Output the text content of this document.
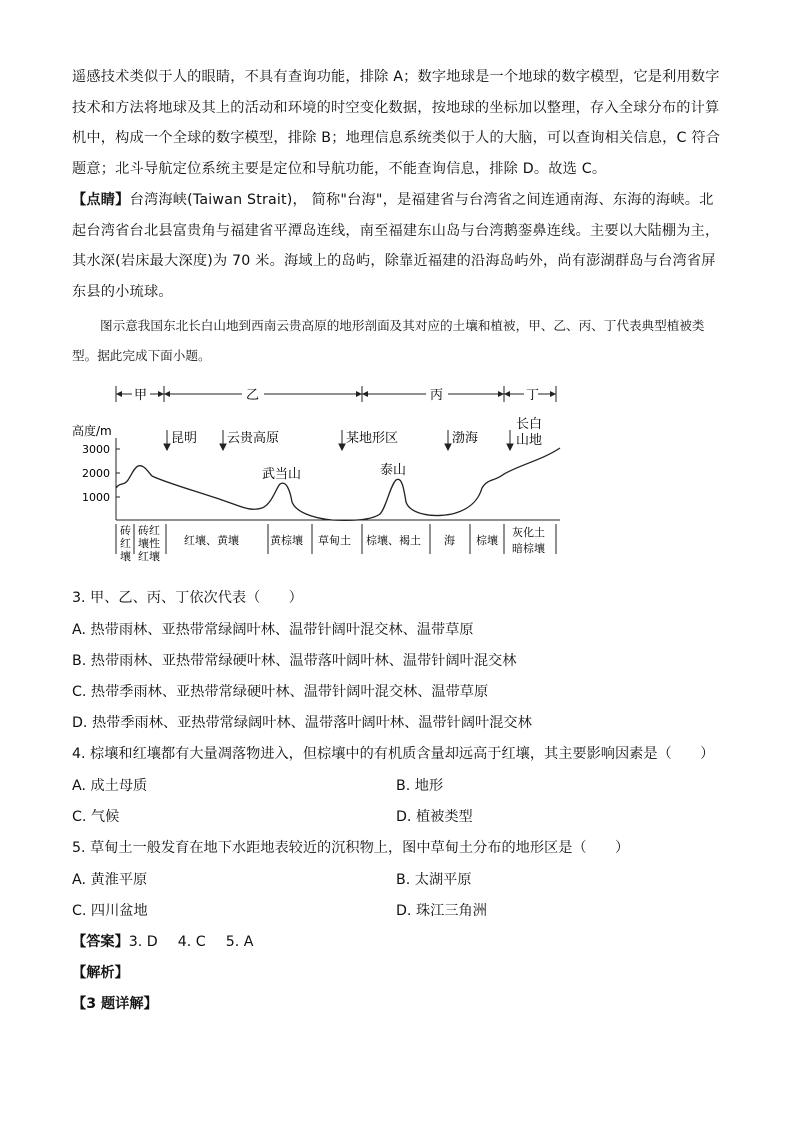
遥感技术类似于人的眼睛，不具有查询功能，排除 A；数字地球是一个地球的数字模型，它是利用数字技术和方法将地球及其上的活动和环境的时空变化数据，按地球的坐标加以整理，存入全球分布的计算机中，构成一个全球的数字模型，排除 B；地理信息系统类似于人的大脑，可以查询相关信息，C 符合题意；北斗导航定位系统主要是定位和导航功能，不能查询信息，排除 D。故选 C。
【点睛】台湾海峡(Taiwan Strait)， 简称"台海"，是福建省与台湾省之间连通南海、东海的海峡。北起台湾省台北县富贵角与福建省平潭岛连线，南至福建东山岛与台湾鹅銮鼻连线。主要以大陆棚为主，其水深(岩床最大深度)为 70 米。海域上的岛屿，除靠近福建的沿海岛屿外，尚有澎湖群岛与台湾省屏东县的小琉球。
图示意我国东北长白山地到西南云贵高原的地形剖面及其对应的土壤和植被，甲、乙、丙、丁代表典型植被类型。据此完成下面小题。
甲	乙	丙	丁
高度/m
3000
2000
1000
昆明 云贵高原
武当山
某地形区
泰山
渤海
长白
山地
砖
红
壤
砖红
壤性
红壤
红壤、黄壤	黄棕壤 草甸土 棕壤、褐土 海 棕壤
灰化土
暗棕壤
3. 甲、乙、丙、丁依次代表（　　）
A. 热带雨林、亚热带常绿阔叶林、温带针阔叶混交林、温带草原
B. 热带雨林、亚热带常绿硬叶林、温带落叶阔叶林、温带针阔叶混交林
C. 热带季雨林、亚热带常绿硬叶林、温带针阔叶混交林、温带草原
D. 热带季雨林、亚热带常绿阔叶林、温带落叶阔叶林、温带针阔叶混交林
4. 棕壤和红壤都有大量凋落物进入，但棕壤中的有机质含量却远高于红壤，其主要影响因素是（　　）
A. 成土母质	B. 地形
C. 气候	D. 植被类型
5. 草甸土一般发育在地下水距地表较近的沉积物上，图中草甸土分布的地形区是（　　）
A. 黄淮平原	B. 太湖平原
C. 四川盆地	D. 珠江三角洲
【答案】3. D 4. C 5. A
【解析】
【3 题详解】
